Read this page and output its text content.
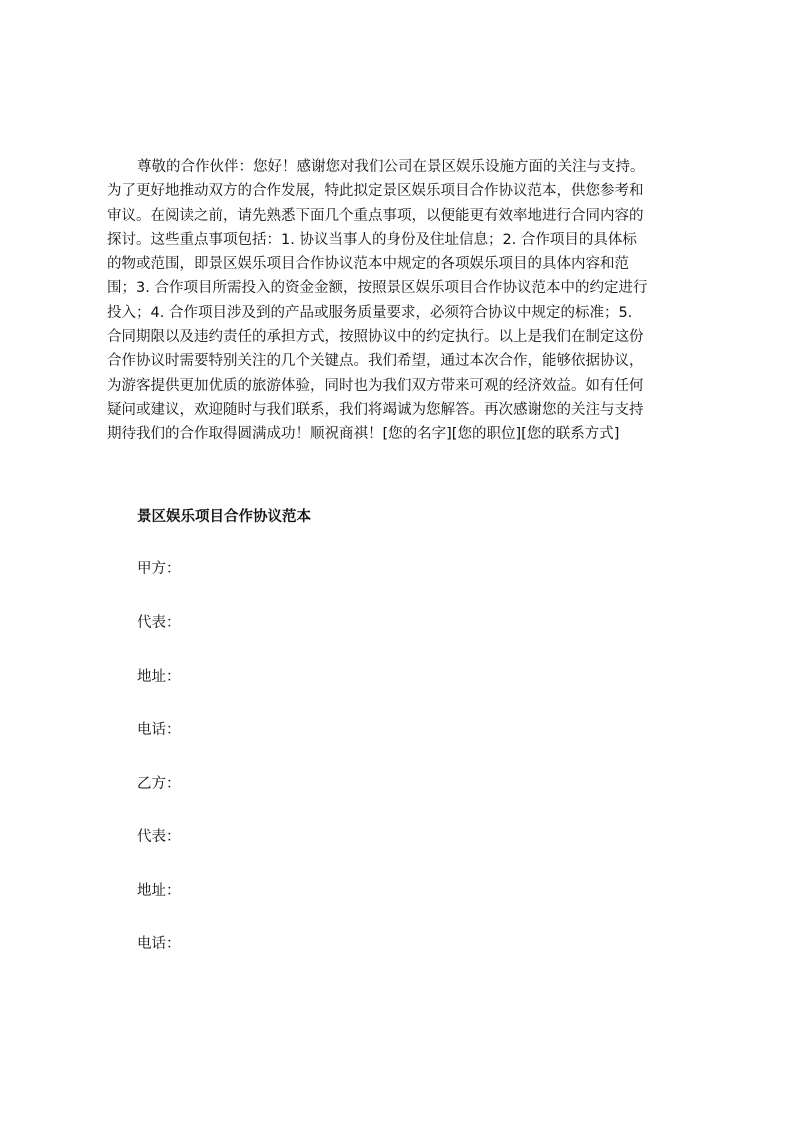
尊敬的合作伙伴：您好！感谢您对我们公司在景区娱乐设施方面的关注与支持。
为了更好地推动双方的合作发展，特此拟定景区娱乐项目合作协议范本，供您参考和
审议。在阅读之前，请先熟悉下面几个重点事项，以便能更有效率地进行合同内容的
探讨。这些重点事项包括：1. 协议当事人的身份及住址信息；2. 合作项目的具体标
的物或范围，即景区娱乐项目合作协议范本中规定的各项娱乐项目的具体内容和范
围；3. 合作项目所需投入的资金金额，按照景区娱乐项目合作协议范本中的约定进行
投入；4. 合作项目涉及到的产品或服务质量要求，必须符合协议中规定的标准；5.
合同期限以及违约责任的承担方式，按照协议中的约定执行。以上是我们在制定这份
合作协议时需要特别关注的几个关键点。我们希望，通过本次合作，能够依据协议，
为游客提供更加优质的旅游体验，同时也为我们双方带来可观的经济效益。如有任何
疑问或建议，欢迎随时与我们联系，我们将竭诚为您解答。再次感谢您的关注与支持
期待我们的合作取得圆满成功！顺祝商祺！[您的名字][您的职位][您的联系方式]

景区娱乐项目合作协议范本

甲方：

代表：

地址：

电话：

乙方：

代表：

地址：

电话：
